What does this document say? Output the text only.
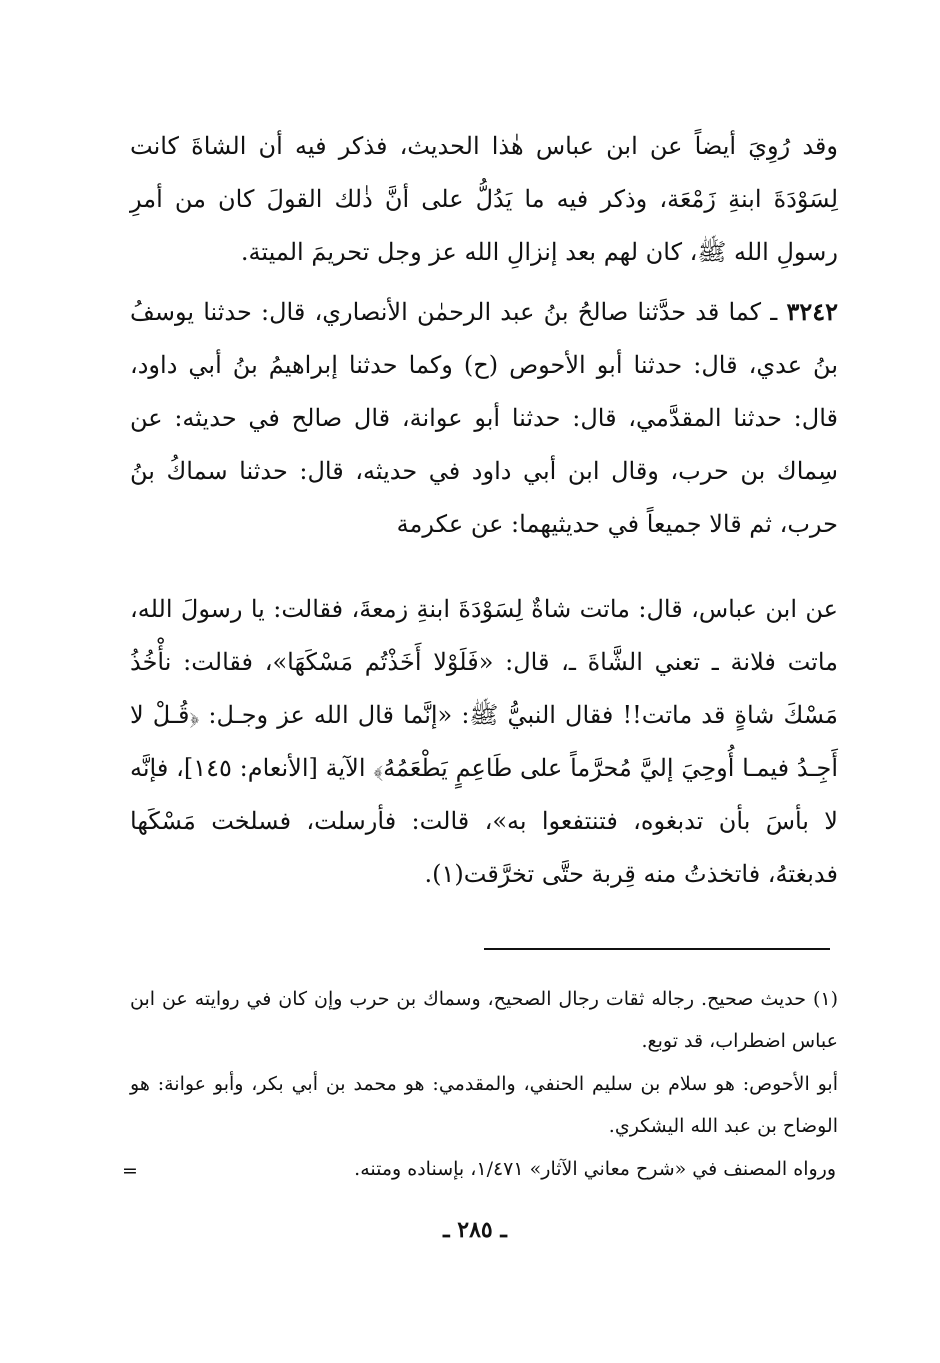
وقد رُوِيَ أيضاً عن ابن عباس هٰذا الحديث، فذكر فيه أن الشاةَ كانت لِسَوْدَةَ ابنةِ زَمْعَة، وذكر فيه ما يَدُلُّ على أنَّ ذٰلك القولَ كان من أمرِ رسولِ الله ﷺ، كان لهم بعد إنزالِ الله عز وجل تحريمَ الميتة.

٣٢٤٢ ـ كما قد حدَّثنا صالحُ بنُ عبد الرحمٰن الأنصاري، قال: حدثنا يوسفُ بنُ عدي، قال: حدثنا أبو الأحوص (ح) وكما حدثنا إبراهيمُ بنُ أبي داود، قال: حدثنا المقدَّمي، قال: حدثنا أبو عوانة، قال صالح في حديثه: عن سِماك بن حرب، وقال ابن أبي داود في حديثه، قال: حدثنا سماكُ بنُ حرب، ثم قالا جميعاً في حديثيهما: عن عكرمة

عن ابن عباس، قال: ماتت شاةٌ لِسَوْدَةَ ابنةِ زمعةَ، فقالت: يا رسولَ الله، ماتت فلانة ـ تعني الشَّاةَ ـ، قال: «فَلَوْلا أَخَذْتُم مَسْكَهَا»، فقالت: نأْخُذُ مَسْكَ شاةٍ قد ماتت!! فقال النبيُّ ﷺ: «إنَّما قال الله عز وجـل: ﴿قُـلْ لا أَجِـدُ فيمـا أُوحِيَ إليَّ مُحرَّماً على طَاعِمٍ يَطْعَمُهُ﴾ الآية [الأنعام: ١٤٥]، فإنَّه لا بأسَ بأن تدبغوه، فتنتفعوا به»، قالت: فأرسلت، فسلخت مَسْكَها فدبغتهُ، فاتخذتُ منه قِربة حتَّى تخرَّقت(١).

(١) حديث صحيح. رجاله ثقات رجال الصحيح، وسماك بن حرب وإن كان في روايته عن ابن عباس اضطراب، قد توبع.

أبو الأحوص: هو سلام بن سليم الحنفي، والمقدمي: هو محمد بن أبي بكر، وأبو عوانة: هو الوضاح بن عبد الله اليشكري.

ورواه المصنف في «شرح معاني الآثار» ١/٤٧١، بإسناده ومتنه.

=
ـ ٢٨٥ ـ
